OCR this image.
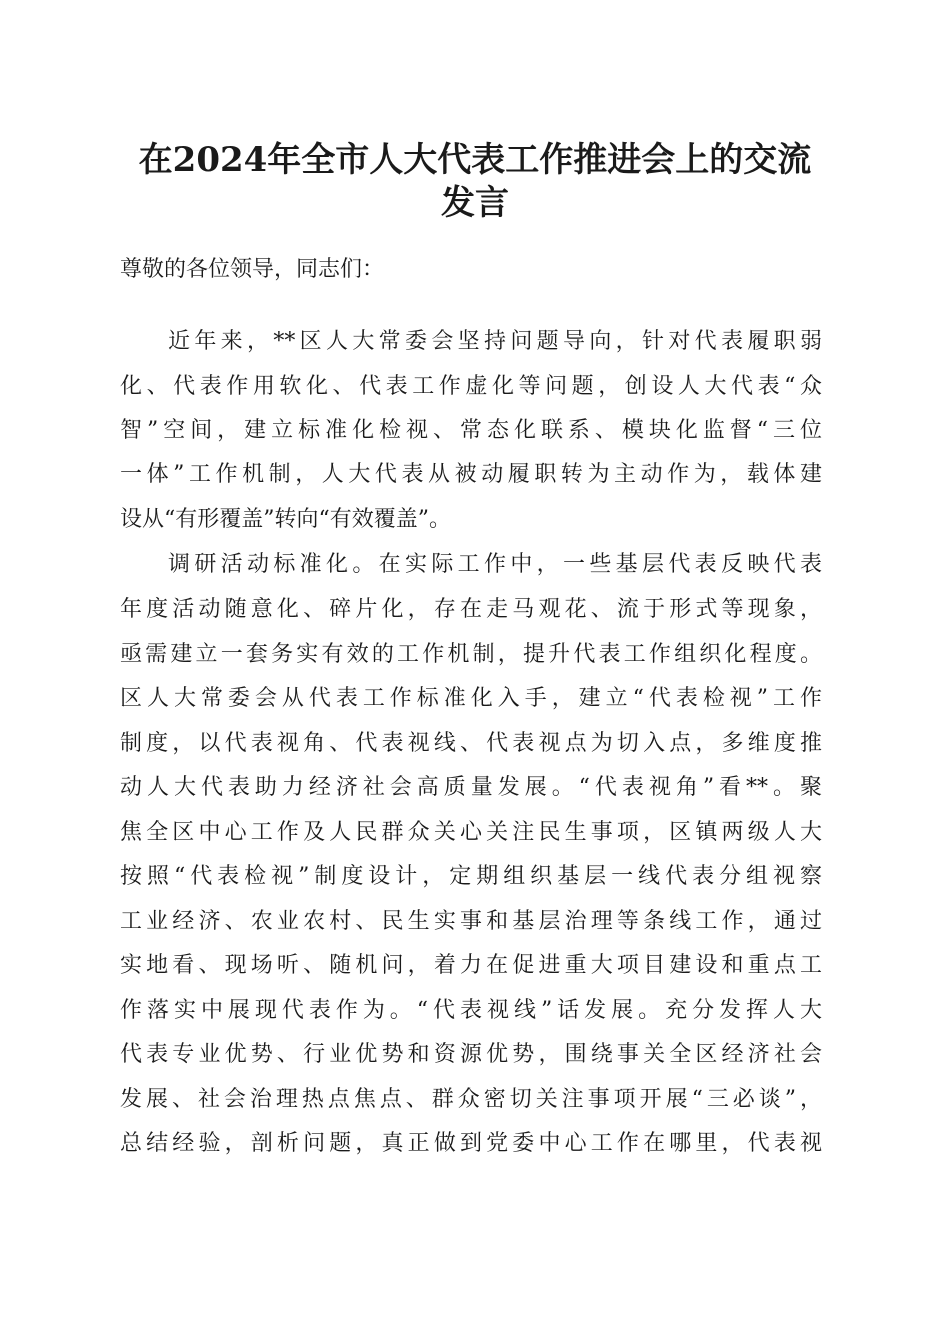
在2024年全市人大代表工作推进会上的交流
发言

尊敬的各位领导，同志们：

近年来，**区人大常委会坚持问题导向，针对代表履职弱

化、代表作用软化、代表工作虚化等问题，创设人大代表“众

智”空间，建立标准化检视、常态化联系、模块化监督“三位

一体”工作机制，人大代表从被动履职转为主动作为，载体建

设从“有形覆盖”转向“有效覆盖”。

调研活动标准化。在实际工作中，一些基层代表反映代表

年度活动随意化、碎片化，存在走马观花、流于形式等现象，

亟需建立一套务实有效的工作机制，提升代表工作组织化程度。

区人大常委会从代表工作标准化入手，建立“代表检视”工作

制度，以代表视角、代表视线、代表视点为切入点，多维度推

动人大代表助力经济社会高质量发展。“代表视角”看**。聚

焦全区中心工作及人民群众关心关注民生事项，区镇两级人大

按照“代表检视”制度设计，定期组织基层一线代表分组视察

工业经济、农业农村、民生实事和基层治理等条线工作，通过

实地看、现场听、随机问，着力在促进重大项目建设和重点工

作落实中展现代表作为。“代表视线”话发展。充分发挥人大

代表专业优势、行业优势和资源优势，围绕事关全区经济社会

发展、社会治理热点焦点、群众密切关注事项开展“三必谈”，

总结经验，剖析问题，真正做到党委中心工作在哪里，代表视
